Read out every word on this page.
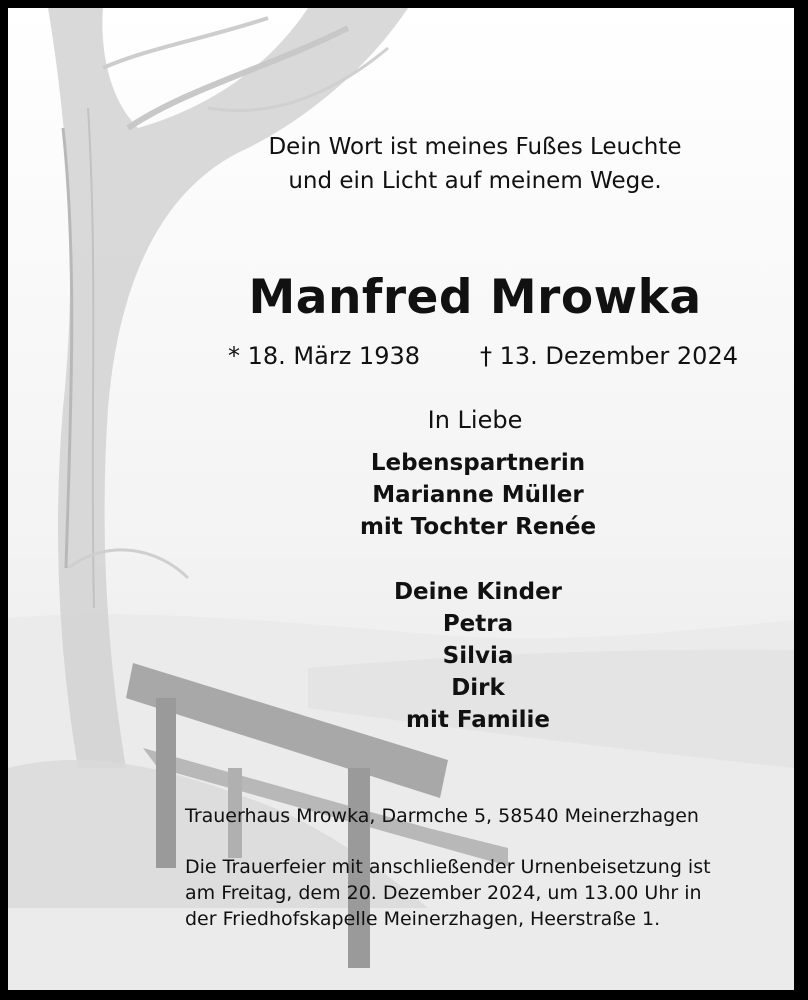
Dein Wort ist meines Fußes Leuchte
und ein Licht auf meinem Wege.
Manfred Mrowka
* 18. März 1938 † 13. Dezember 2024
In Liebe
Lebenspartnerin
Marianne Müller
mit Tochter Renée
Deine Kinder
Petra
Silvia
Dirk
mit Familie
Trauerhaus Mrowka, Darmche 5, 58540 Meinerzhagen
Die Trauerfeier mit anschließender Urnenbeisetzung ist
am Freitag, dem 20. Dezember 2024, um 13.00 Uhr in
der Friedhofskapelle Meinerzhagen, Heerstraße 1.
